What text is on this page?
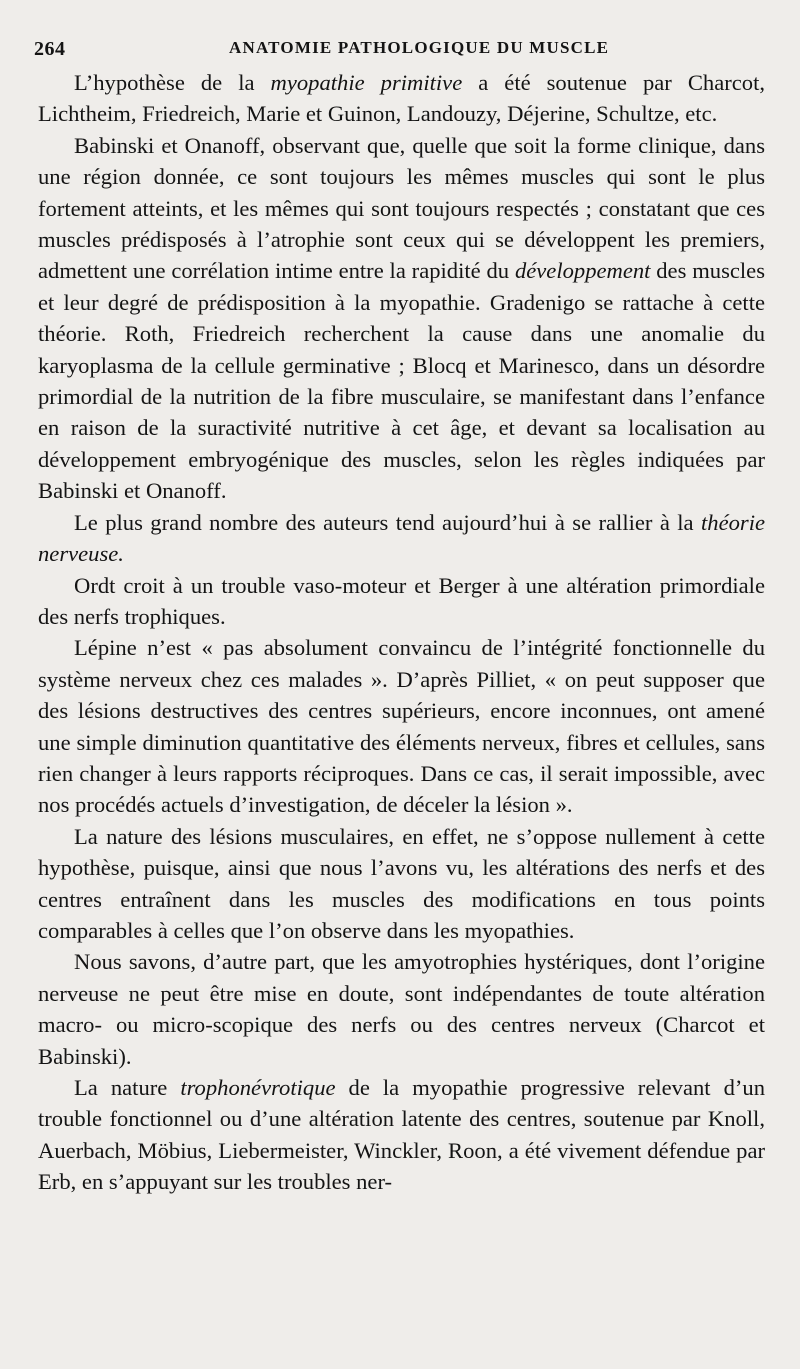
264	ANATOMIE PATHOLOGIQUE DU MUSCLE

L’hypothèse de la myopathie primitive a été soutenue par Charcot, Lichtheim, Friedreich, Marie et Guinon, Landouzy, Déjerine, Schultze, etc.

Babinski et Onanoff, observant que, quelle que soit la forme clinique, dans une région donnée, ce sont toujours les mêmes muscles qui sont le plus fortement atteints, et les mêmes qui sont toujours respectés ; constatant que ces muscles prédisposés à l’atrophie sont ceux qui se développent les premiers, admettent une corrélation intime entre la rapidité du développement des muscles et leur degré de prédisposition à la myopathie. Gradenigo se rattache à cette théorie. Roth, Friedreich recherchent la cause dans une anomalie du karyoplasma de la cellule germinative ; Blocq et Marinesco, dans un désordre primordial de la nutrition de la fibre musculaire, se manifestant dans l’enfance en raison de la suractivité nutritive à cet âge, et devant sa localisation au développement embryogénique des muscles, selon les règles indiquées par Babinski et Onanoff.

Le plus grand nombre des auteurs tend aujourd’hui à se rallier à la théorie nerveuse.

Ordt croit à un trouble vaso-moteur et Berger à une altération primordiale des nerfs trophiques.

Lépine n’est « pas absolument convaincu de l’intégrité fonctionnelle du système nerveux chez ces malades ». D’après Pilliet, « on peut supposer que des lésions destructives des centres supérieurs, encore inconnues, ont amené une simple diminution quantitative des éléments nerveux, fibres et cellules, sans rien changer à leurs rapports réciproques. Dans ce cas, il serait impossible, avec nos procédés actuels d’investigation, de déceler la lésion ».

La nature des lésions musculaires, en effet, ne s’oppose nullement à cette hypothèse, puisque, ainsi que nous l’avons vu, les altérations des nerfs et des centres entraînent dans les muscles des modifications en tous points comparables à celles que l’on observe dans les myopathies.

Nous savons, d’autre part, que les amyotrophies hystériques, dont l’origine nerveuse ne peut être mise en doute, sont indépendantes de toute altération macro- ou micro-scopique des nerfs ou des centres nerveux (Charcot et Babinski).

La nature trophonévrotique de la myopathie progressive relevant d’un trouble fonctionnel ou d’une altération latente des centres, soutenue par Knoll, Auerbach, Möbius, Liebermeister, Winckler, Roon, a été vivement défendue par Erb, en s’appuyant sur les troubles ner-
